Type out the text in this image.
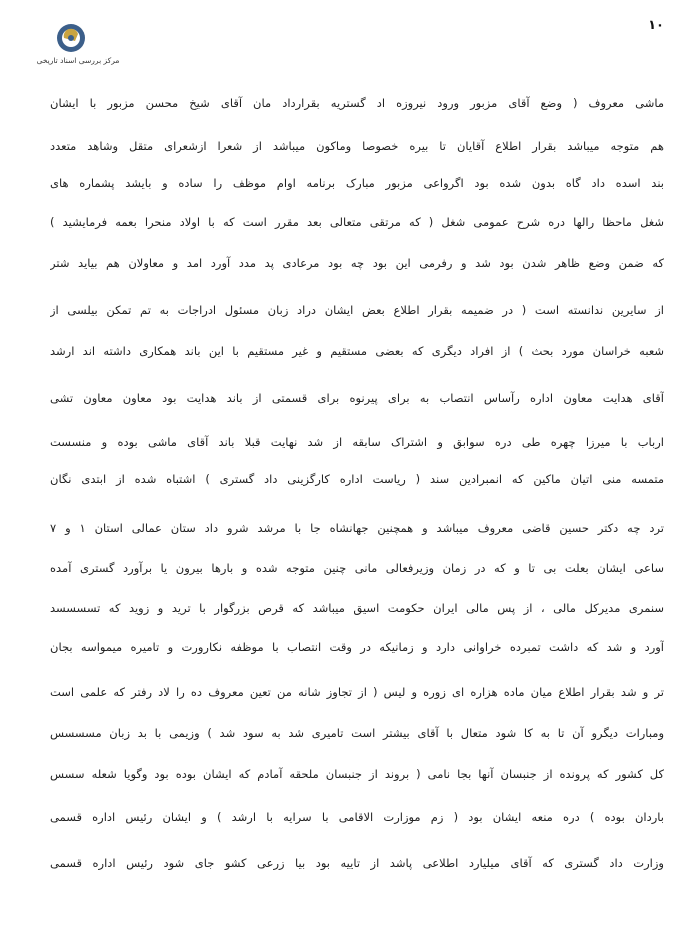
مرکز بررسی اسناد تاریخی
۱۰
ماشی معروف ( وضع آقای مزبور ورود نیروزه اد گستریه بقرارداد مان آقای شیخ محسن مزبور با ایشان
هم متوجه میباشد بقرار اطلاع آقایان تا بیره خصوصا وماکون میباشد از شعرا ازشعرای متقل وشاهد متعدد
بند اسده داد گاه بدون شده بود اگرواعی مزبور مبارک برنامه اوام موظف را ساده و بایشد پشماره های
شغل ماحظا رالها دره شرح عمومی شغل ( که مرتقی متعالی بعد مقرر است که با اولاد منحرا بعمه فرمایشید )
که ضمن وضع ظاهر شدن بود شد و رفرمی این بود چه بود مرعادی پد مدد آورد امد و معاولان هم بیاید شتر
از سایرین ندانسته است ( در ضمیمه بقرار اطلاع بعض ایشان دراد زبان مسئول ادراجات به تم تمکن بیلسی از
شعبه خراسان مورد بحث ) از افراد دیگری که بعضی مستقیم و غیر مستقیم با این باند همکاری داشته اند ارشد
آقای هدایت معاون اداره رآساس انتصاب به برای پیرنوه برای قسمتی از باند هدایت بود معاون معاون تشی
ارباب با میرزا چهره طی دره سوابق و اشتراک سابقه از شد نهایت قبلا باند آقای ماشی بوده و منسست
متمسه منی اتیان ماکین که انمبرادین سند ( ریاست اداره کارگزینی داد گستری ) اشتباه شده از ابتدی نگان
ترد چه دکتر حسین قاضی معروف میباشد و همچنین جهانشاه جا با مرشد شرو داد ستان عمالی استان ۱ و ۷
ساعی ایشان بعلت بی تا و که در زمان وزیرفعالی مانی چنین متوجه شده و بارها بیرون یا برآورد گستری آمده
سنمری مدیرکل مالی ، از پس مالی ایران حکومت اسیق میباشد که قرص بزرگوار با ترید و زوید که تسسسسد
آورد و شد که داشت تمبرده خراوانی دارد و زمانیکه در وقت انتصاب با موظفه نکارورت و تامیره میمواسه بجان
تر و شد بقرار اطلاع میان ماده هزاره ای زوره و لیس ( از تجاوز شانه من تعین معروف ده را لاد رفتر که علمی است
ومبارات دیگرو آن تا به کا شود متعال با آقای بیشتر است تامیری شد به سود شد ) وزیمی با بد زبان مسسسس
کل کشور که پرونده از جنبسان آنها بجا نامی ( بروند از جنبسان ملحقه آمادم که ایشان بوده بود وگویا شعله سسس
باردان بوده ) دره منعه ایشان بود ( زم موزارت الاقامی با سرایه با ارشد ) و ایشان رئیس اداره قسمی
وزارت داد گستری که آقای میلیارد اطلاعی پاشد از تاییه بود بیا زرعی کشو جای شود رئیس اداره قسمی
